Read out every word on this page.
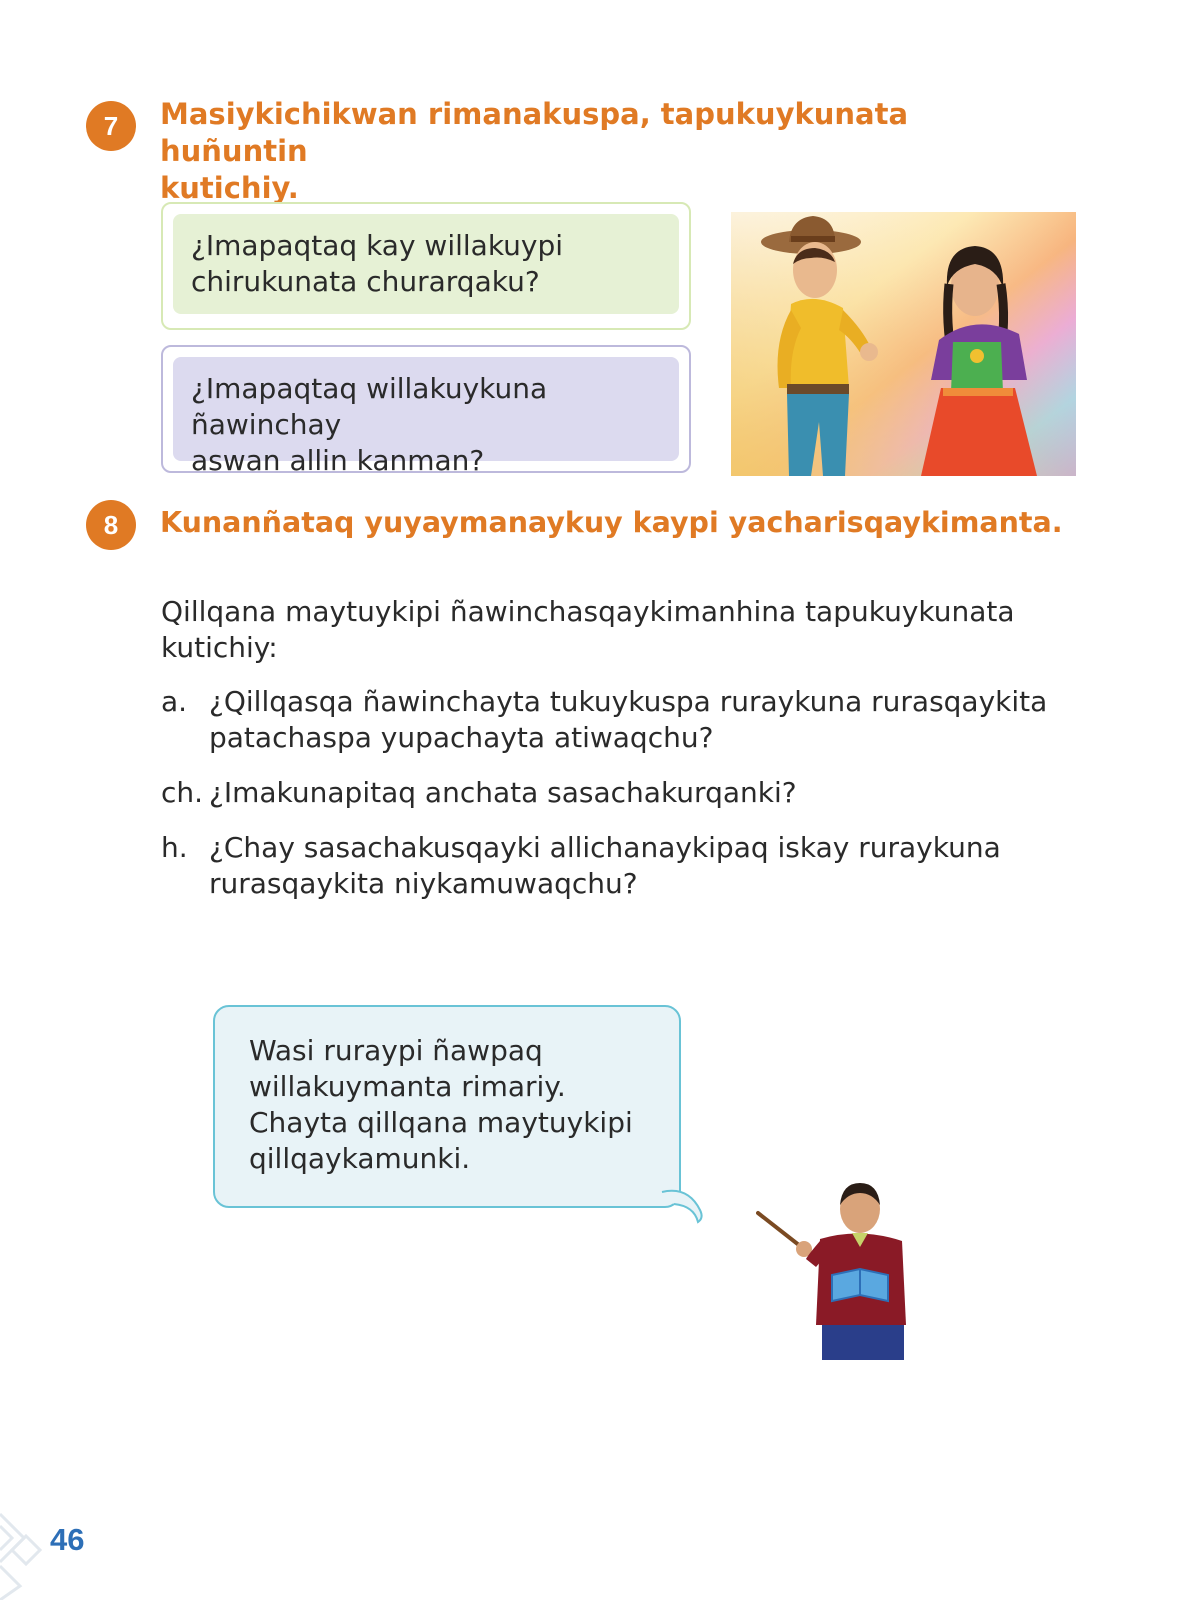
7 Masiykichikwan rimanakuspa, tapukuykunata huñuntin
kutichiy.
¿Imapaqtaq kay willakuypi
chirukunata churarqaku?
¿Imapaqtaq willakuykuna ñawinchay
aswan allin kanman?
8 Kunanñataq yuyaymanaykuy kaypi yacharisqaykimanta.
Qillqana maytuykipi ñawinchasqaykimanhina tapukuykunata
kutichiy:
a. ¿Qillqasqa ñawinchayta tukuykuspa ruraykuna rurasqaykita
patachaspa yupachayta atiwaqchu?
ch. ¿Imakunapitaq anchata sasachakurqanki?
h. ¿Chay sasachakusqayki allichanaykipaq iskay ruraykuna
rurasqaykita niykamuwaqchu?
Wasi ruraypi ñawpaq
willakuymanta rimariy.
Chayta qillqana maytuykipi
qillqaykamunki.
46
